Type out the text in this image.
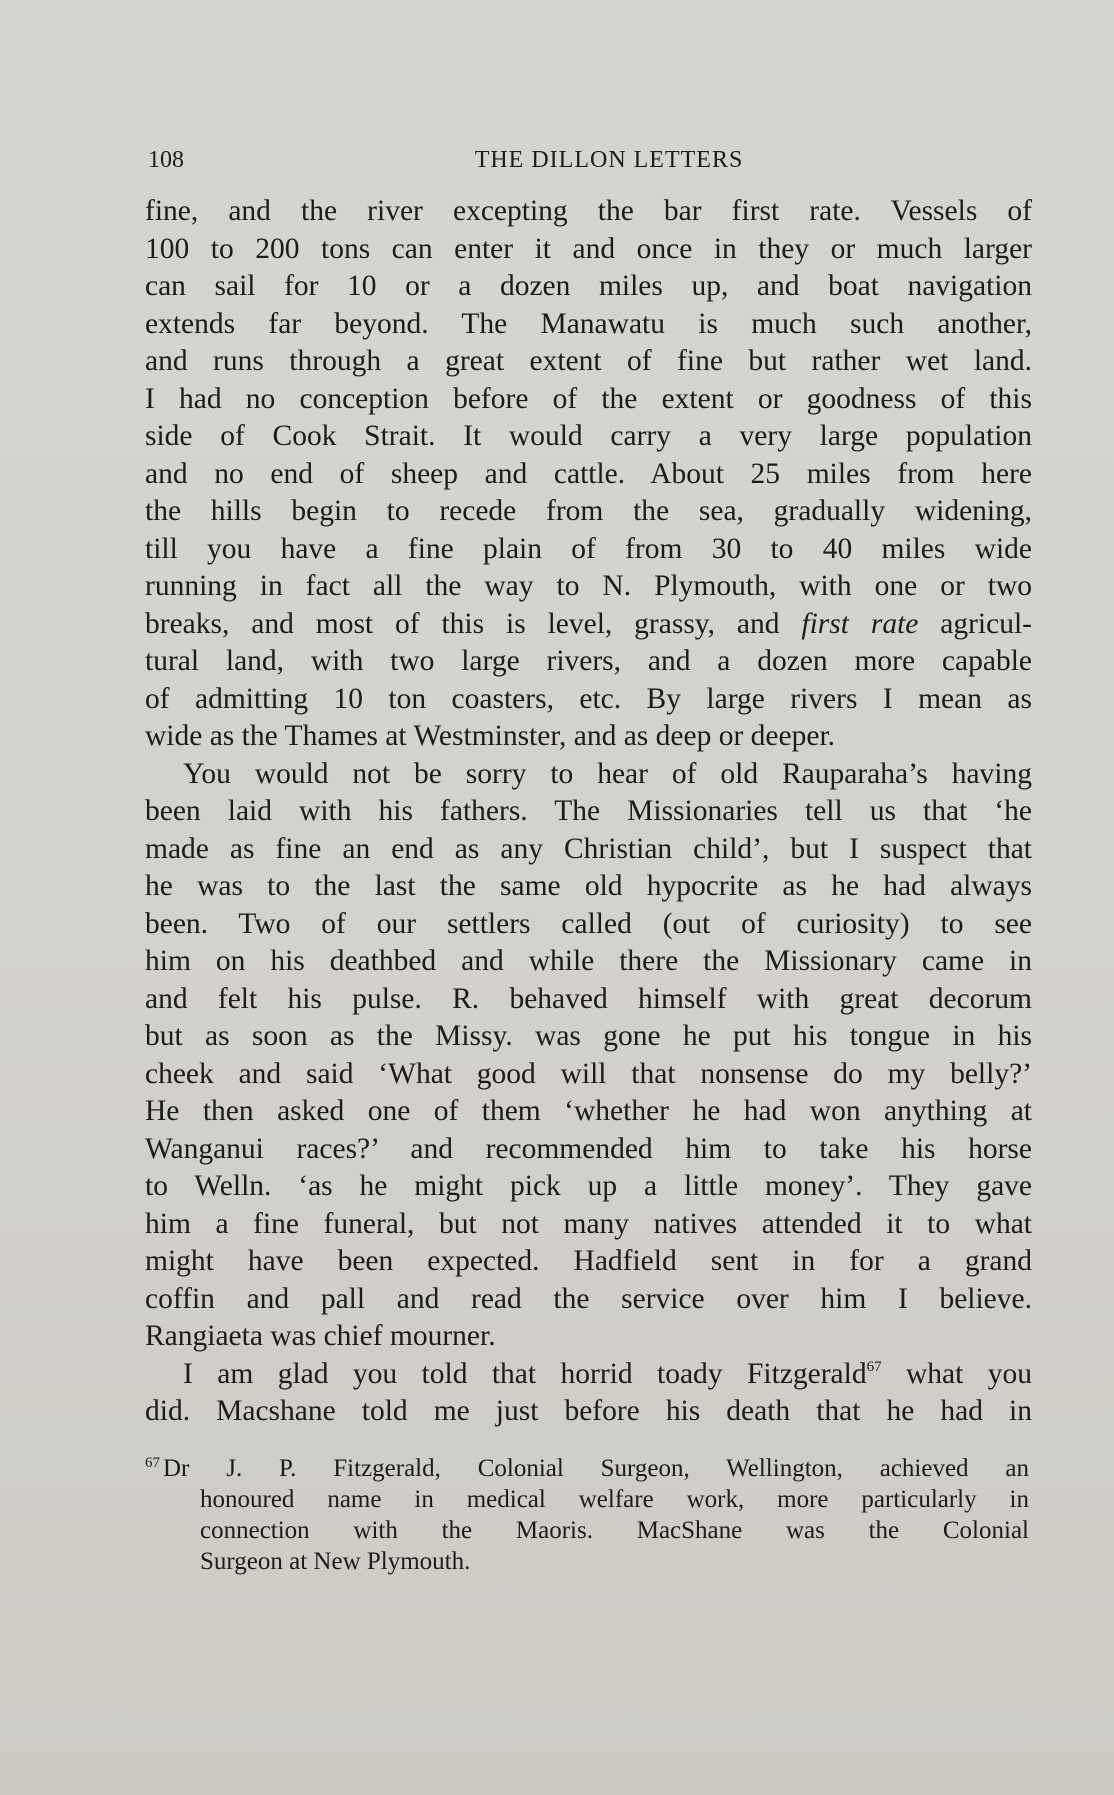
108	THE DILLON LETTERS
fine, and the river excepting the bar first rate. Vessels of
100 to 200 tons can enter it and once in they or much larger
can sail for 10 or a dozen miles up, and boat navigation
extends far beyond. The Manawatu is much such another,
and runs through a great extent of fine but rather wet land.
I had no conception before of the extent or goodness of this
side of Cook Strait. It would carry a very large population
and no end of sheep and cattle. About 25 miles from here
the hills begin to recede from the sea, gradually widening,
till you have a fine plain of from 30 to 40 miles wide
running in fact all the way to N. Plymouth, with one or two
breaks, and most of this is level, grassy, and first rate agricul-
tural land, with two large rivers, and a dozen more capable
of admitting 10 ton coasters, etc. By large rivers I mean as
wide as the Thames at Westminster, and as deep or deeper.
You would not be sorry to hear of old Rauparaha’s having
been laid with his fathers. The Missionaries tell us that ‘he
made as fine an end as any Christian child’, but I suspect that
he was to the last the same old hypocrite as he had always
been. Two of our settlers called (out of curiosity) to see
him on his deathbed and while there the Missionary came in
and felt his pulse. R. behaved himself with great decorum
but as soon as the Missy. was gone he put his tongue in his
cheek and said ‘What good will that nonsense do my belly?’
He then asked one of them ‘whether he had won anything at
Wanganui races?’ and recommended him to take his horse
to Welln. ‘as he might pick up a little money’. They gave
him a fine funeral, but not many natives attended it to what
might have been expected. Hadfield sent in for a grand
coffin and pall and read the service over him I believe.
Rangiaeta was chief mourner.
I am glad you told that horrid toady Fitzgerald$^{67}$ what you
did. Macshane told me just before his death that he had in
$^{67}$ Dr J. P. Fitzgerald, Colonial Surgeon, Wellington, achieved an
honoured name in medical welfare work, more particularly in
connection with the Maoris. MacShane was the Colonial
Surgeon at New Plymouth.
